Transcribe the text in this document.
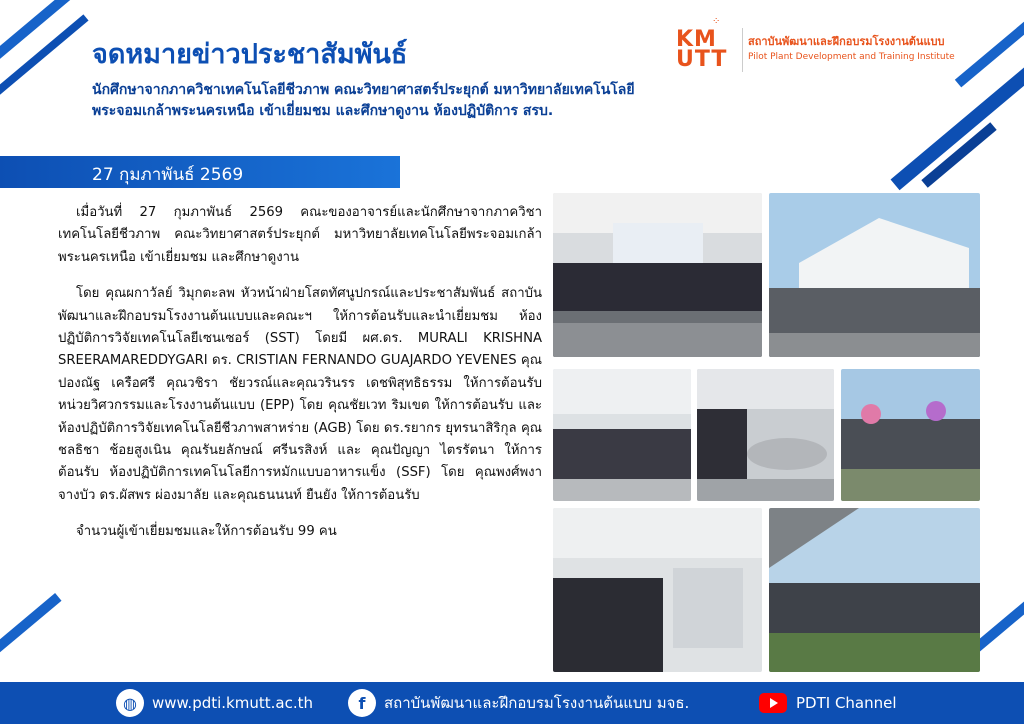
จดหมายข่าวประชาสัมพันธ์
นักศึกษาจากภาควิชาเทคโนโลยีชีวภาพ คณะวิทยาศาสตร์ประยุกต์ มหาวิทยาลัยเทคโนโลยีพระจอมเกล้าพระนครเหนือ เข้าเยี่ยมชม และศึกษาดูงาน ห้องปฏิบัติการ สรบ.
⁘
KM
UTT
สถาบันพัฒนาและฝึกอบรมโรงงานต้นแบบ
Pilot Plant Development and Training Institute
27 กุมภาพันธ์ 2569

เมื่อวันที่ 27 กุมภาพันธ์ 2569 คณะของอาจารย์และนักศึกษาจากภาควิชาเทคโนโลยีชีวภาพ คณะวิทยาศาสตร์ประยุกต์ มหาวิทยาลัยเทคโนโลยีพระจอมเกล้าพระนครเหนือ เข้าเยี่ยมชม และศึกษาดูงาน

โดย คุณผกาวัลย์ วิมุกตะลพ หัวหน้าฝ่ายโสตทัศนูปกรณ์และประชาสัมพันธ์ สถาบันพัฒนาและฝึกอบรมโรงงานต้นแบบและคณะฯ ให้การต้อนรับและนำเยี่ยมชม ห้องปฏิบัติการวิจัยเทคโนโลยีเซนเซอร์ (SST) โดยมี ผศ.ดร. MURALI KRISHNA SREERAMAREDDYGARI ดร. CRISTIAN FERNANDO GUAJARDO YEVENES คุณปองณัฐ เครือศรี คุณวชิรา ชัยวรณ์และคุณวรินรร เดชพิสุทธิธรรม ให้การต้อนรับ หน่วยวิศวกรรมและโรงงานต้นแบบ (EPP) โดย คุณชัยเวท ริมเขต ให้การต้อนรับ และห้องปฏิบัติการวิจัยเทคโนโลยีชีวภาพสาหร่าย (AGB) โดย ดร.รยากร ยุทรนาสิริกุล คุณชลธิชา ช้อยสูงเนิน คุณรันยลักษณ์ ศรีนรสิงห์ และ คุณปัญญา ไตรรัตนา ให้การต้อนรับ ห้องปฏิบัติการเทคโนโลยีการหมักแบบอาหารแข็ง (SSF) โดย คุณพงศ์พงา จางบัว ดร.ผัสพร ผ่องมาลัย และคุณธนนนท์ ยืนยัง ให้การต้อนรับ

จำนวนผู้เข้าเยี่ยมชมและให้การต้อนรับ 99 คน

◍	www.pdti.kmutt.ac.th	f	สถาบันพัฒนาและฝึกอบรมโรงงานต้นแบบ มจธ.	PDTI Channel
